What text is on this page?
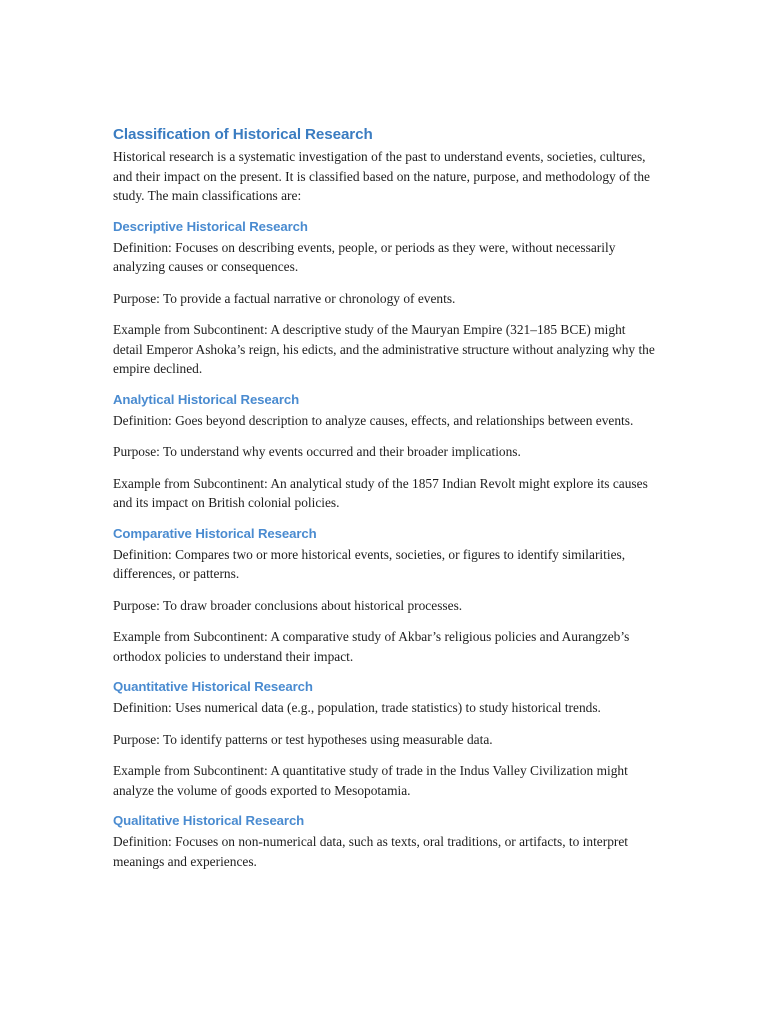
Classification of Historical Research

Historical research is a systematic investigation of the past to understand events, societies, cultures, and their impact on the present. It is classified based on the nature, purpose, and methodology of the study. The main classifications are:

Descriptive Historical Research

Definition: Focuses on describing events, people, or periods as they were, without necessarily analyzing causes or consequences.

Purpose: To provide a factual narrative or chronology of events.

Example from Subcontinent: A descriptive study of the Mauryan Empire (321–185 BCE) might detail Emperor Ashoka’s reign, his edicts, and the administrative structure without analyzing why the empire declined.

Analytical Historical Research

Definition: Goes beyond description to analyze causes, effects, and relationships between events.

Purpose: To understand why events occurred and their broader implications.

Example from Subcontinent: An analytical study of the 1857 Indian Revolt might explore its causes and its impact on British colonial policies.

Comparative Historical Research

Definition: Compares two or more historical events, societies, or figures to identify similarities, differences, or patterns.

Purpose: To draw broader conclusions about historical processes.

Example from Subcontinent: A comparative study of Akbar’s religious policies and Aurangzeb’s orthodox policies to understand their impact.

Quantitative Historical Research

Definition: Uses numerical data (e.g., population, trade statistics) to study historical trends.

Purpose: To identify patterns or test hypotheses using measurable data.

Example from Subcontinent: A quantitative study of trade in the Indus Valley Civilization might analyze the volume of goods exported to Mesopotamia.

Qualitative Historical Research

Definition: Focuses on non-numerical data, such as texts, oral traditions, or artifacts, to interpret meanings and experiences.
